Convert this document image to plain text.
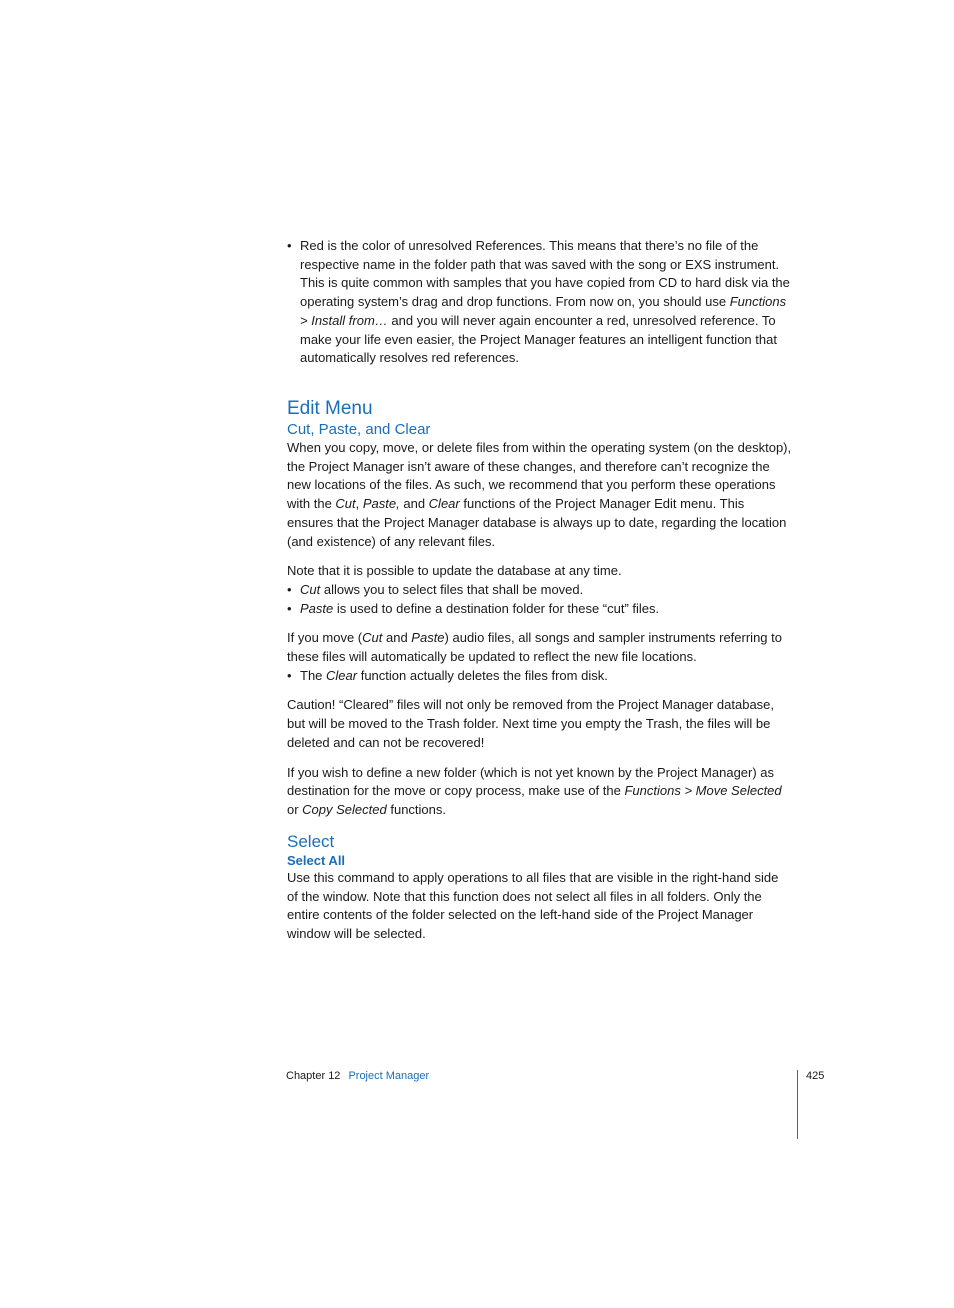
• Red is the color of unresolved References. This means that there’s no file of the respective name in the folder path that was saved with the song or EXS instrument. This is quite common with samples that you have copied from CD to hard disk via the operating system’s drag and drop functions. From now on, you should use Functions > Install from… and you will never again encounter a red, unresolved reference. To make your life even easier, the Project Manager features an intelligent function that automatically resolves red references.

Edit Menu
Cut, Paste, and Clear

When you copy, move, or delete files from within the operating system (on the desktop), the Project Manager isn’t aware of these changes, and therefore can’t recognize the new locations of the files. As such, we recommend that you perform these operations with the Cut, Paste, and Clear functions of the Project Manager Edit menu. This ensures that the Project Manager database is always up to date, regarding the location (and existence) of any relevant files.

Note that it is possible to update the database at any time.

• Cut allows you to select files that shall be moved.

• Paste is used to define a destination folder for these “cut” files.

If you move (Cut and Paste) audio files, all songs and sampler instruments referring to these files will automatically be updated to reflect the new file locations.

• The Clear function actually deletes the files from disk.

Caution! “Cleared” files will not only be removed from the Project Manager database, but will be moved to the Trash folder. Next time you empty the Trash, the files will be deleted and can not be recovered!

If you wish to define a new folder (which is not yet known by the Project Manager) as destination for the move or copy process, make use of the Functions > Move Selected or Copy Selected functions.

Select
Select All

Use this command to apply operations to all files that are visible in the right-hand side of the window. Note that this function does not select all files in all folders. Only the entire contents of the folder selected on the left-hand side of the Project Manager window will be selected.

Chapter 12 Project Manager	425
